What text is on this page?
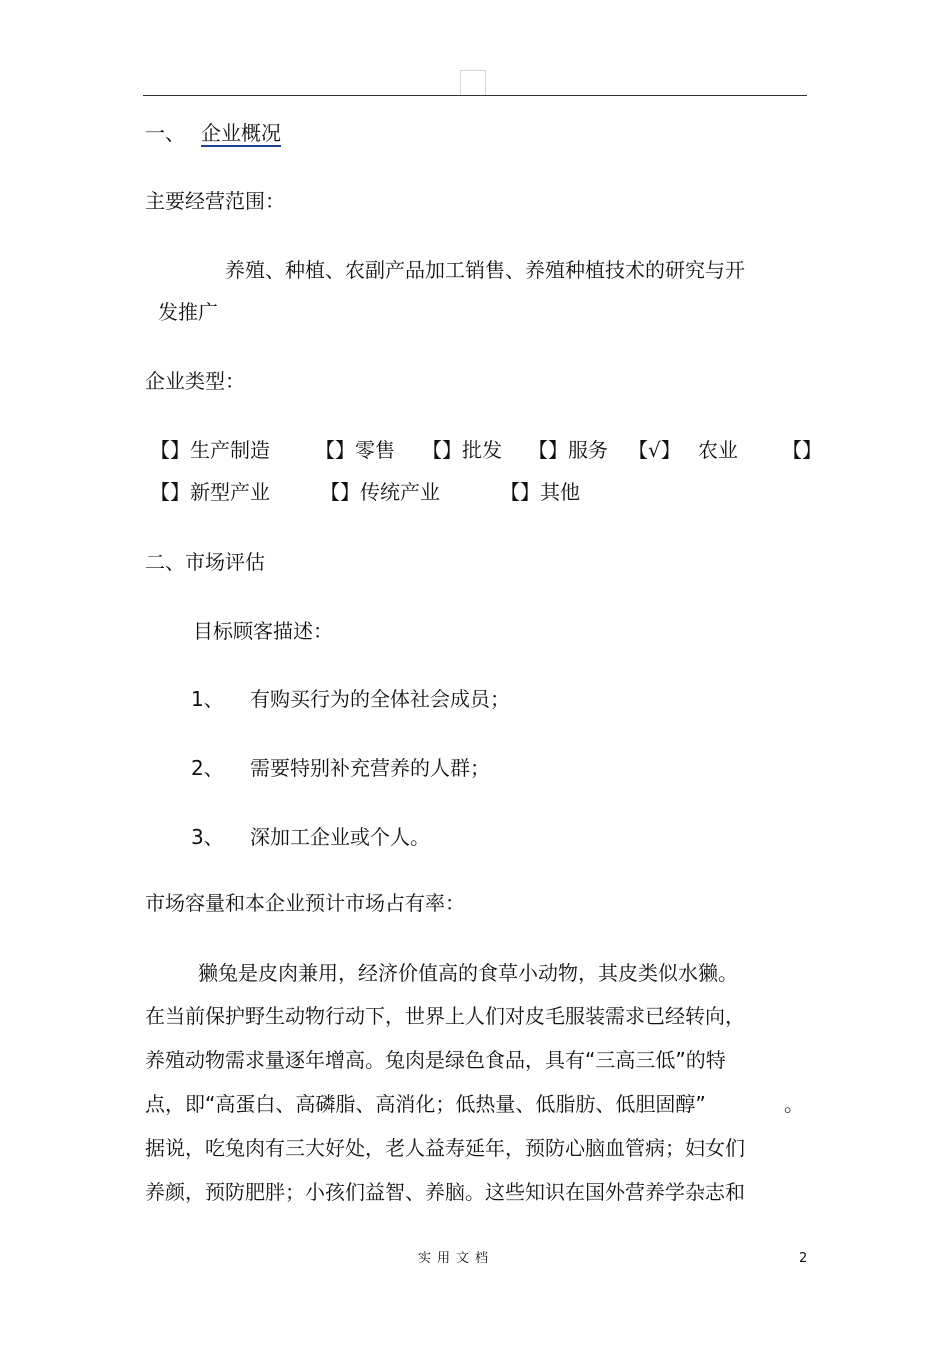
一、 企业概况
主要经营范围：
养殖、种植、农副产品加工销售、养殖种植技术的研究与开
发推广
企业类型：
【】生产制造 【】零售 【】批发 【】服务 【√】 农业 【】
【】新型产业	【】传统产业	【】其他
二、市场评估
目标顾客描述：
1、 有购买行为的全体社会成员；
2、 需要特别补充营养的人群；
3、 深加工企业或个人。
市场容量和本企业预计市场占有率：
獭兔是皮肉兼用，经济价值高的食草小动物，其皮类似水獭。
在当前保护野生动物行动下，世界上人们对皮毛服装需求已经转向，
养殖动物需求量逐年增高。兔肉是绿色食品，具有“三高三低”的特
点，即“高蛋白、高磷脂、高消化；低热量、低脂肪、低胆固醇”	。
据说，吃兔肉有三大好处，老人益寿延年，预防心脑血管病；妇女们
养颜，预防肥胖；小孩们益智、养脑。这些知识在国外营养学杂志和
实用文档	2
